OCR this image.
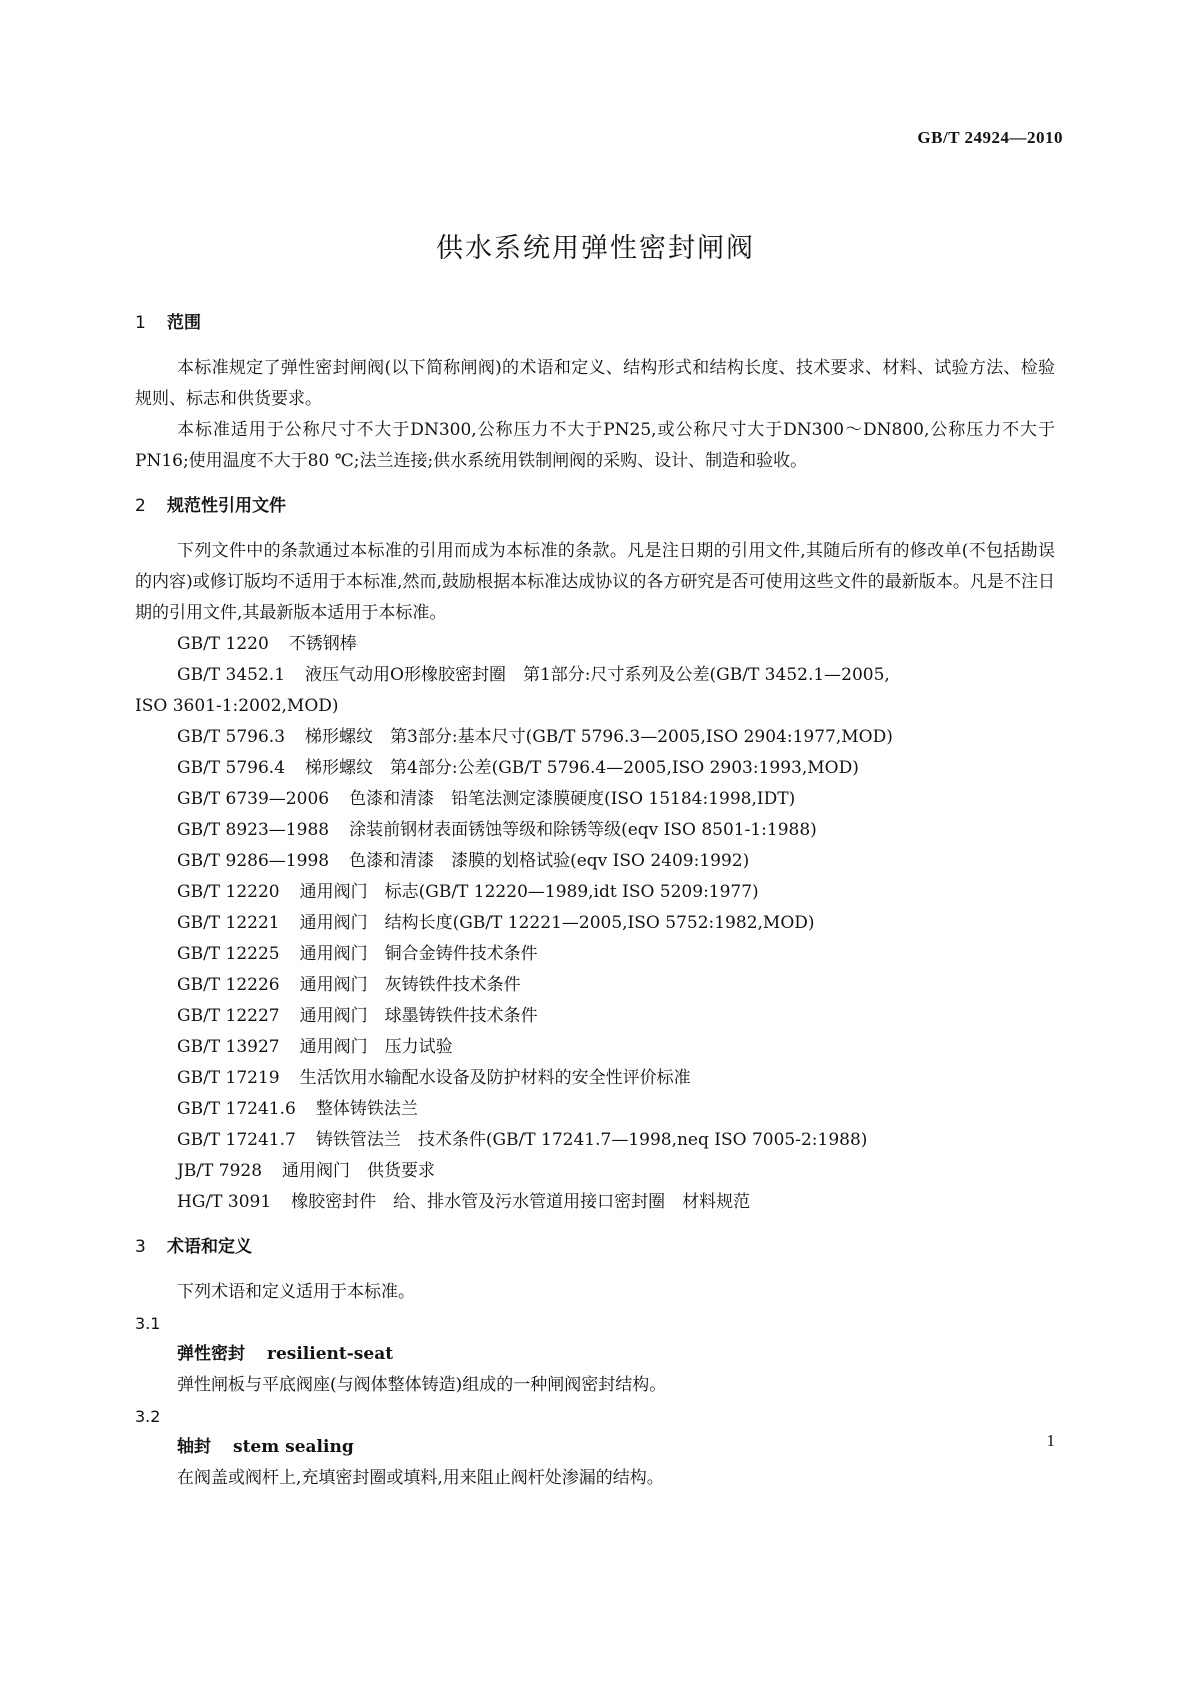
GB/T 24924—2010
供水系统用弹性密封闸阀

1 范围

本标准规定了弹性密封闸阀(以下简称闸阀)的术语和定义、结构形式和结构长度、技术要求、材料、试验方法、检验规则、标志和供货要求。

本标准适用于公称尺寸不大于DN300,公称压力不大于PN25,或公称尺寸大于DN300～DN800,公称压力不大于PN16;使用温度不大于80 ℃;法兰连接;供水系统用铁制闸阀的采购、设计、制造和验收。

2 规范性引用文件

下列文件中的条款通过本标准的引用而成为本标准的条款。凡是注日期的引用文件,其随后所有的修改单(不包括勘误的内容)或修订版均不适用于本标准,然而,鼓励根据本标准达成协议的各方研究是否可使用这些文件的最新版本。凡是不注日期的引用文件,其最新版本适用于本标准。

GB/T 1220 不锈钢棒

GB/T 3452.1 液压气动用O形橡胶密封圈　第1部分:尺寸系列及公差(GB/T 3452.1—2005,
ISO 3601-1:2002,MOD)

GB/T 5796.3 梯形螺纹　第3部分:基本尺寸(GB/T 5796.3—2005,ISO 2904:1977,MOD)

GB/T 5796.4 梯形螺纹　第4部分:公差(GB/T 5796.4—2005,ISO 2903:1993,MOD)

GB/T 6739—2006 色漆和清漆　铅笔法测定漆膜硬度(ISO 15184:1998,IDT)

GB/T 8923—1988 涂装前钢材表面锈蚀等级和除锈等级(eqv ISO 8501-1:1988)

GB/T 9286—1998 色漆和清漆　漆膜的划格试验(eqv ISO 2409:1992)

GB/T 12220 通用阀门　标志(GB/T 12220—1989,idt ISO 5209:1977)

GB/T 12221 通用阀门　结构长度(GB/T 12221—2005,ISO 5752:1982,MOD)

GB/T 12225 通用阀门　铜合金铸件技术条件

GB/T 12226 通用阀门　灰铸铁件技术条件

GB/T 12227 通用阀门　球墨铸铁件技术条件

GB/T 13927 通用阀门　压力试验

GB/T 17219 生活饮用水输配水设备及防护材料的安全性评价标准

GB/T 17241.6 整体铸铁法兰

GB/T 17241.7 铸铁管法兰　技术条件(GB/T 17241.7—1998,neq ISO 7005-2:1988)

JB/T 7928 通用阀门　供货要求

HG/T 3091 橡胶密封件　给、排水管及污水管道用接口密封圈　材料规范

3 术语和定义

下列术语和定义适用于本标准。

3.1

弹性密封 resilient-seat

弹性闸板与平底阀座(与阀体整体铸造)组成的一种闸阀密封结构。

3.2

轴封 stem sealing

在阀盖或阀杆上,充填密封圈或填料,用来阻止阀杆处渗漏的结构。

1
